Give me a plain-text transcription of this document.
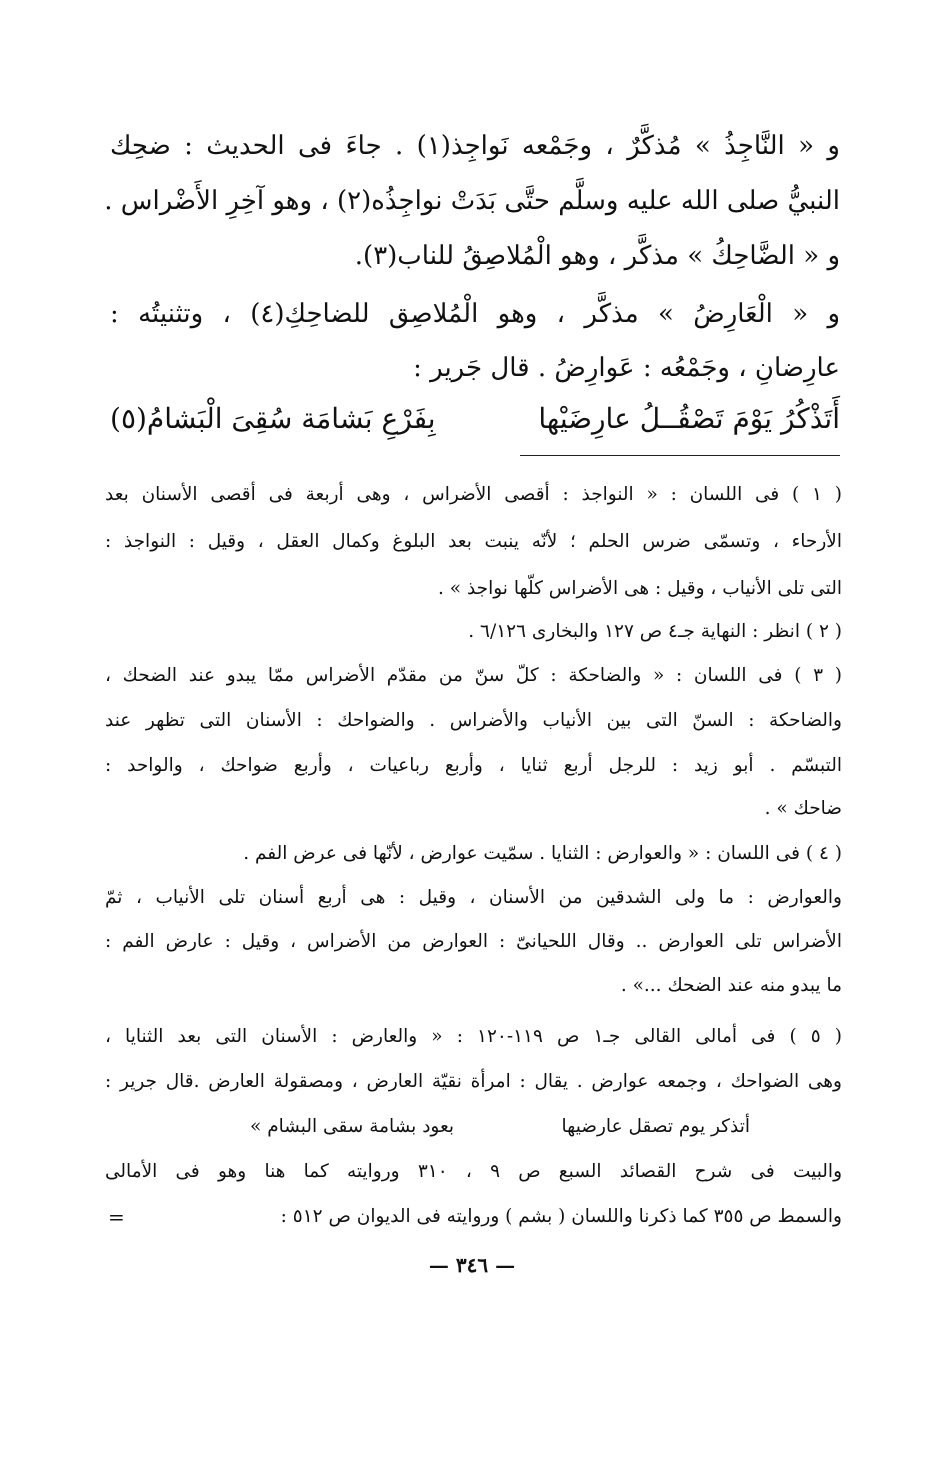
و « النَّاجِذُ » مُذكَّرٌ ، وجَمْعه نَواجِذ(١) . جاءَ فى الحديث : ضحِك
النبيُّ صلى الله عليه وسلَّم حتَّى بَدَتْ نواجِذُه(٢) ، وهو آخِرِ الأَضْراس .
و « الضَّاحِكُ » مذكَّر ، وهو الْمُلاصِقُ للناب(٣).
و « الْعَارِضُ » مذكَّر ، وهو الْمُلاصِق للضاحِكِ(٤) ، وتثنيتُه :
عارِضانِ ، وجَمْعُه : عَوارِضُ . قال جَرير :
أَتَذْكُرُ يَوْمَ تَصْقُــلُ عارِضَيْها
بِفَرْعِ بَشامَة سُقِىَ الْبَشامُ(٥)
( ١ ) فى اللسان : « النواجذ : أقصى الأضراس ، وهى أربعة فى أقصى الأسنان بعد
الأرحاء ، وتسمّى ضرس الحلم ؛ لأنّه ينبت بعد البلوغ وكمال العقل ، وقيل : النواجذ :
التى تلى الأنياب ، وقيل : هى الأضراس كلّها نواجذ » .
( ٢ ) انظر : النهاية جـ٤ ص ١٢٧ والبخارى ٦/١٢٦ .
( ٣ ) فى اللسان : « والضاحكة : كلّ سنّ من مقدّم الأضراس ممّا يبدو عند الضحك ،
والضاحكة : السنّ التى بين الأنياب والأضراس . والضواحك : الأسنان التى تظهر عند
التبسّم . أبو زيد : للرجل أربع ثنايا ، وأربع رباعيات ، وأربع ضواحك ، والواحد :
ضاحك » .
( ٤ ) فى اللسان : « والعوارض : الثنايا . سمّيت عوارض ، لأنّها فى عرض الفم .
والعوارض : ما ولى الشدقين من الأسنان ، وقيل : هى أربع أسنان تلى الأنياب ، ثمّ
الأضراس تلى العوارض .. وقال اللحيانىّ : العوارض من الأضراس ، وقيل : عارض الفم :
ما يبدو منه عند الضحك ...» .
( ٥ ) فى أمالى القالى جـ١ ص ١١٩-١٢٠ : « والعارض : الأسنان التى بعد الثنايا ،
وهى الضواحك ، وجمعه عوارض . يقال : امرأة نقيّة العارض ، ومصقولة العارض .قال جرير :
أتذكر يوم تصقل عارضيها
بعود بشامة سقى البشام »
والبيت فى شرح القصائد السبع ص ٩ ، ٣١٠ وروايته كما هنا وهو فى الأمالى
والسمط ص ٣٥٥ كما ذكرنا واللسان ( بشم ) وروايته فى الديوان ص ٥١٢ :
=
— ٣٤٦ —
